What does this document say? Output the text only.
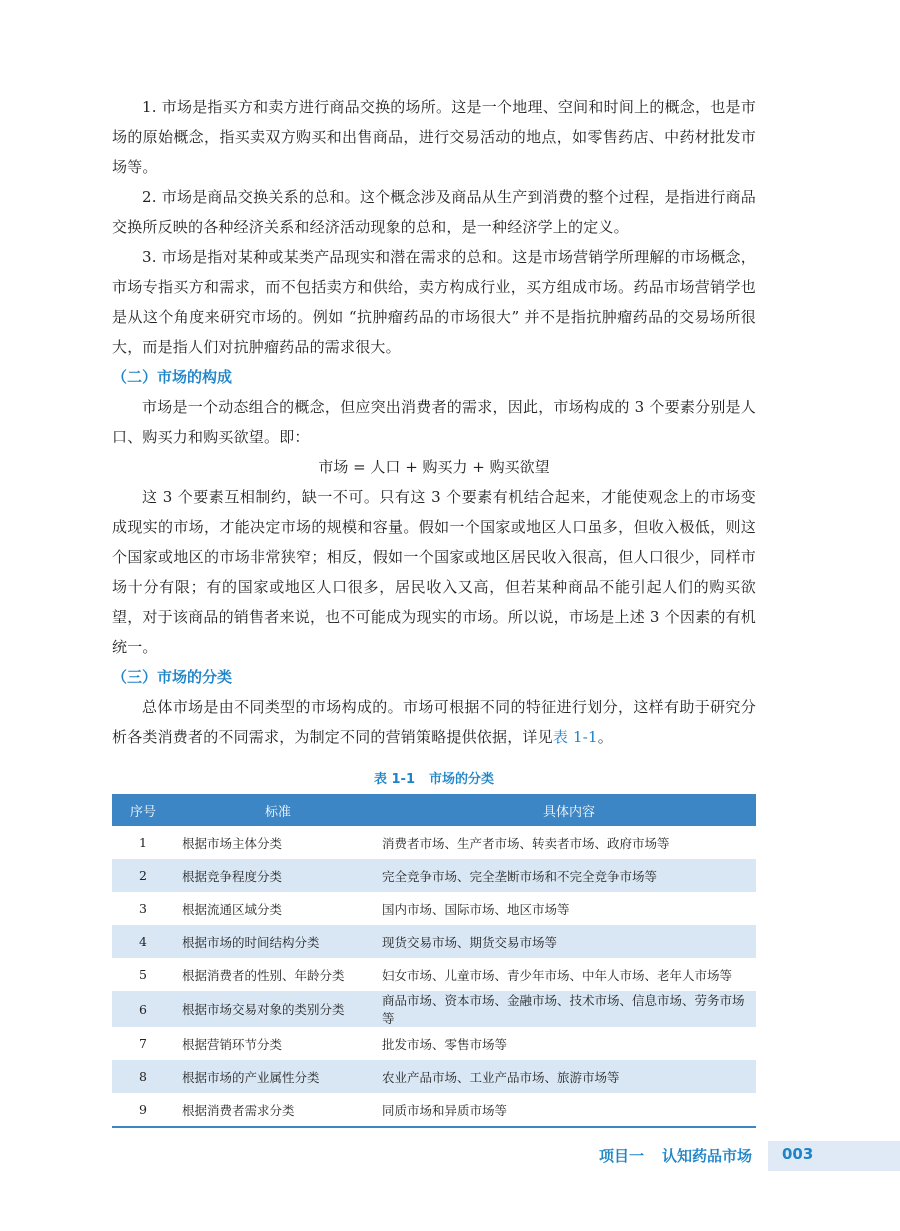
1. 市场是指买方和卖方进行商品交换的场所。这是一个地理、空间和时间上的概念，也是市场的原始概念，指买卖双方购买和出售商品，进行交易活动的地点，如零售药店、中药材批发市场等。

2. 市场是商品交换关系的总和。这个概念涉及商品从生产到消费的整个过程，是指进行商品交换所反映的各种经济关系和经济活动现象的总和，是一种经济学上的定义。

3. 市场是指对某种或某类产品现实和潜在需求的总和。这是市场营销学所理解的市场概念，市场专指买方和需求，而不包括卖方和供给，卖方构成行业，买方组成市场。药品市场营销学也是从这个角度来研究市场的。例如 “抗肿瘤药品的市场很大” 并不是指抗肿瘤药品的交易场所很大，而是指人们对抗肿瘤药品的需求很大。

（二）市场的构成

市场是一个动态组合的概念，但应突出消费者的需求，因此，市场构成的 3 个要素分别是人口、购买力和购买欲望。即：

市场 = 人口 + 购买力 + 购买欲望

这 3 个要素互相制约，缺一不可。只有这 3 个要素有机结合起来，才能使观念上的市场变成现实的市场，才能决定市场的规模和容量。假如一个国家或地区人口虽多，但收入极低，则这个国家或地区的市场非常狭窄；相反，假如一个国家或地区居民收入很高，但人口很少，同样市场十分有限；有的国家或地区人口很多，居民收入又高，但若某种商品不能引起人们的购买欲望，对于该商品的销售者来说，也不可能成为现实的市场。所以说，市场是上述 3 个因素的有机统一。

（三）市场的分类

总体市场是由不同类型的市场构成的。市场可根据不同的特征进行划分，这样有助于研究分析各类消费者的不同需求，为制定不同的营销策略提供依据，详见表 1-1。

表 1-1 市场的分类
序号	标准	具体内容
1	根据市场主体分类	消费者市场、生产者市场、转卖者市场、政府市场等
2	根据竞争程度分类	完全竞争市场、完全垄断市场和不完全竞争市场等
3	根据流通区域分类	国内市场、国际市场、地区市场等
4	根据市场的时间结构分类	现货交易市场、期货交易市场等
5	根据消费者的性别、年龄分类	妇女市场、儿童市场、青少年市场、中年人市场、老年人市场等
6	根据市场交易对象的类别分类	商品市场、资本市场、金融市场、技术市场、信息市场、劳务市场等
7	根据营销环节分类	批发市场、零售市场等
8	根据市场的产业属性分类	农业产品市场、工业产品市场、旅游市场等
9	根据消费者需求分类	同质市场和异质市场等
项目一 认知药品市场 003
